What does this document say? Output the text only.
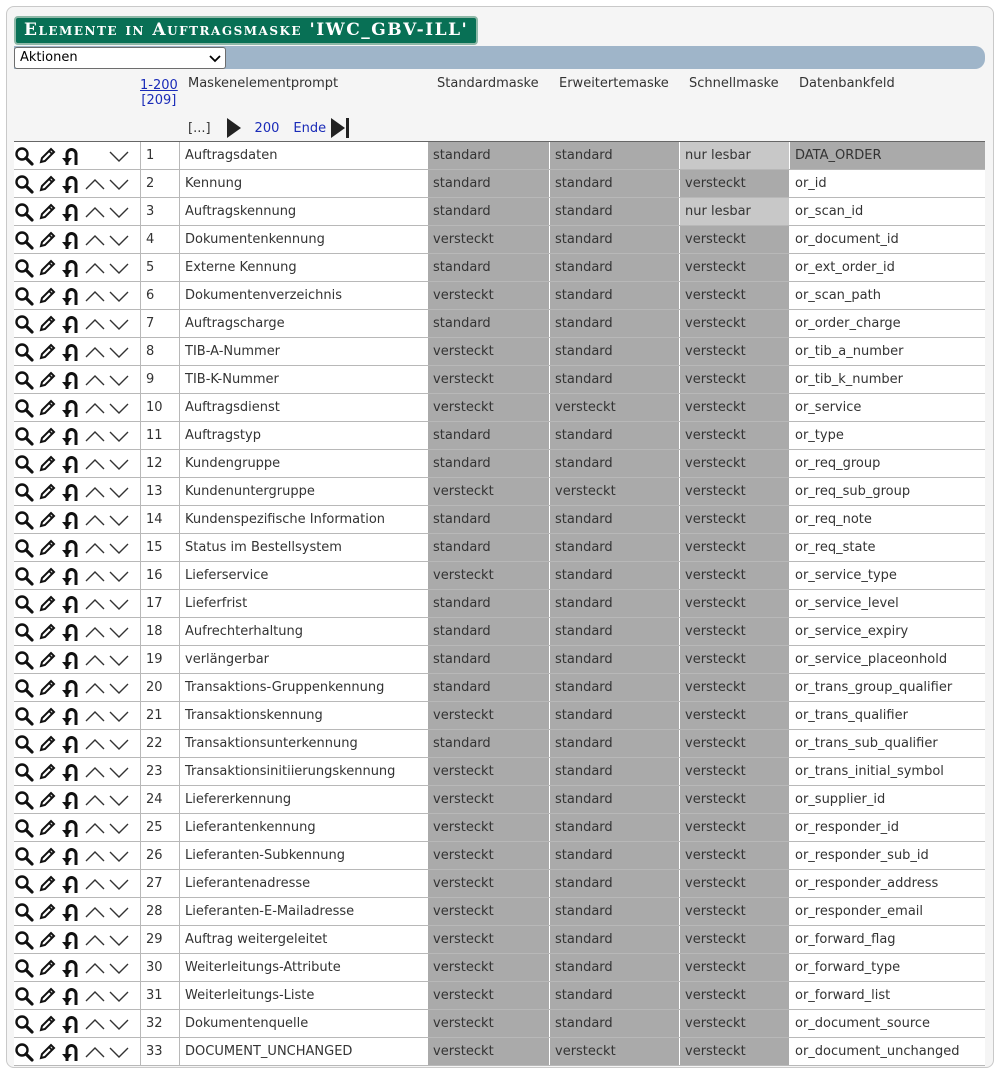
Elemente in Auftragsmaske 'IWC_GBV-ILL'
Aktionen
1-200
[209]
Maskenelementprompt	Standardmaske Erweitertemaske Schnellmaske Datenbankfeld
[...]	200 Ende
1	Auftragsdaten	standard	standard	nur lesbar	DATA_ORDER
2	Kennung	standard	standard	versteckt	or_id
3	Auftragskennung	standard	standard	nur lesbar	or_scan_id
4	Dokumentenkennung	versteckt	standard	versteckt	or_document_id
5	Externe Kennung	standard	standard	versteckt	or_ext_order_id
6	Dokumentenverzeichnis	versteckt	standard	versteckt	or_scan_path
7	Auftragscharge	standard	standard	versteckt	or_order_charge
8	TIB-A-Nummer	versteckt	standard	versteckt	or_tib_a_number
9	TIB-K-Nummer	versteckt	standard	versteckt	or_tib_k_number
10	Auftragsdienst	versteckt	versteckt	versteckt	or_service
11	Auftragstyp	standard	standard	versteckt	or_type
12	Kundengruppe	standard	standard	versteckt	or_req_group
13	Kundenuntergruppe	versteckt	versteckt	versteckt	or_req_sub_group
14	Kundenspezifische Information	standard	standard	versteckt	or_req_note
15	Status im Bestellsystem	standard	standard	versteckt	or_req_state
16	Lieferservice	versteckt	standard	versteckt	or_service_type
17	Lieferfrist	standard	standard	versteckt	or_service_level
18	Aufrechterhaltung	standard	standard	versteckt	or_service_expiry
19	verlängerbar	standard	standard	versteckt	or_service_placeonhold
20	Transaktions-Gruppenkennung	standard	standard	versteckt	or_trans_group_qualifier
21	Transaktionskennung	versteckt	standard	versteckt	or_trans_qualifier
22	Transaktionsunterkennung	standard	standard	versteckt	or_trans_sub_qualifier
23	Transaktionsinitiierungskennung	versteckt	standard	versteckt	or_trans_initial_symbol
24	Liefererkennung	versteckt	standard	versteckt	or_supplier_id
25	Lieferantenkennung	versteckt	standard	versteckt	or_responder_id
26	Lieferanten-Subkennung	versteckt	standard	versteckt	or_responder_sub_id
27	Lieferantenadresse	versteckt	standard	versteckt	or_responder_address
28	Lieferanten-E-Mailadresse	versteckt	standard	versteckt	or_responder_email
29	Auftrag weitergeleitet	versteckt	standard	versteckt	or_forward_flag
30	Weiterleitungs-Attribute	versteckt	standard	versteckt	or_forward_type
31	Weiterleitungs-Liste	versteckt	standard	versteckt	or_forward_list
32	Dokumentenquelle	versteckt	standard	versteckt	or_document_source
33	DOCUMENT_UNCHANGED	versteckt	versteckt	versteckt	or_document_unchanged
